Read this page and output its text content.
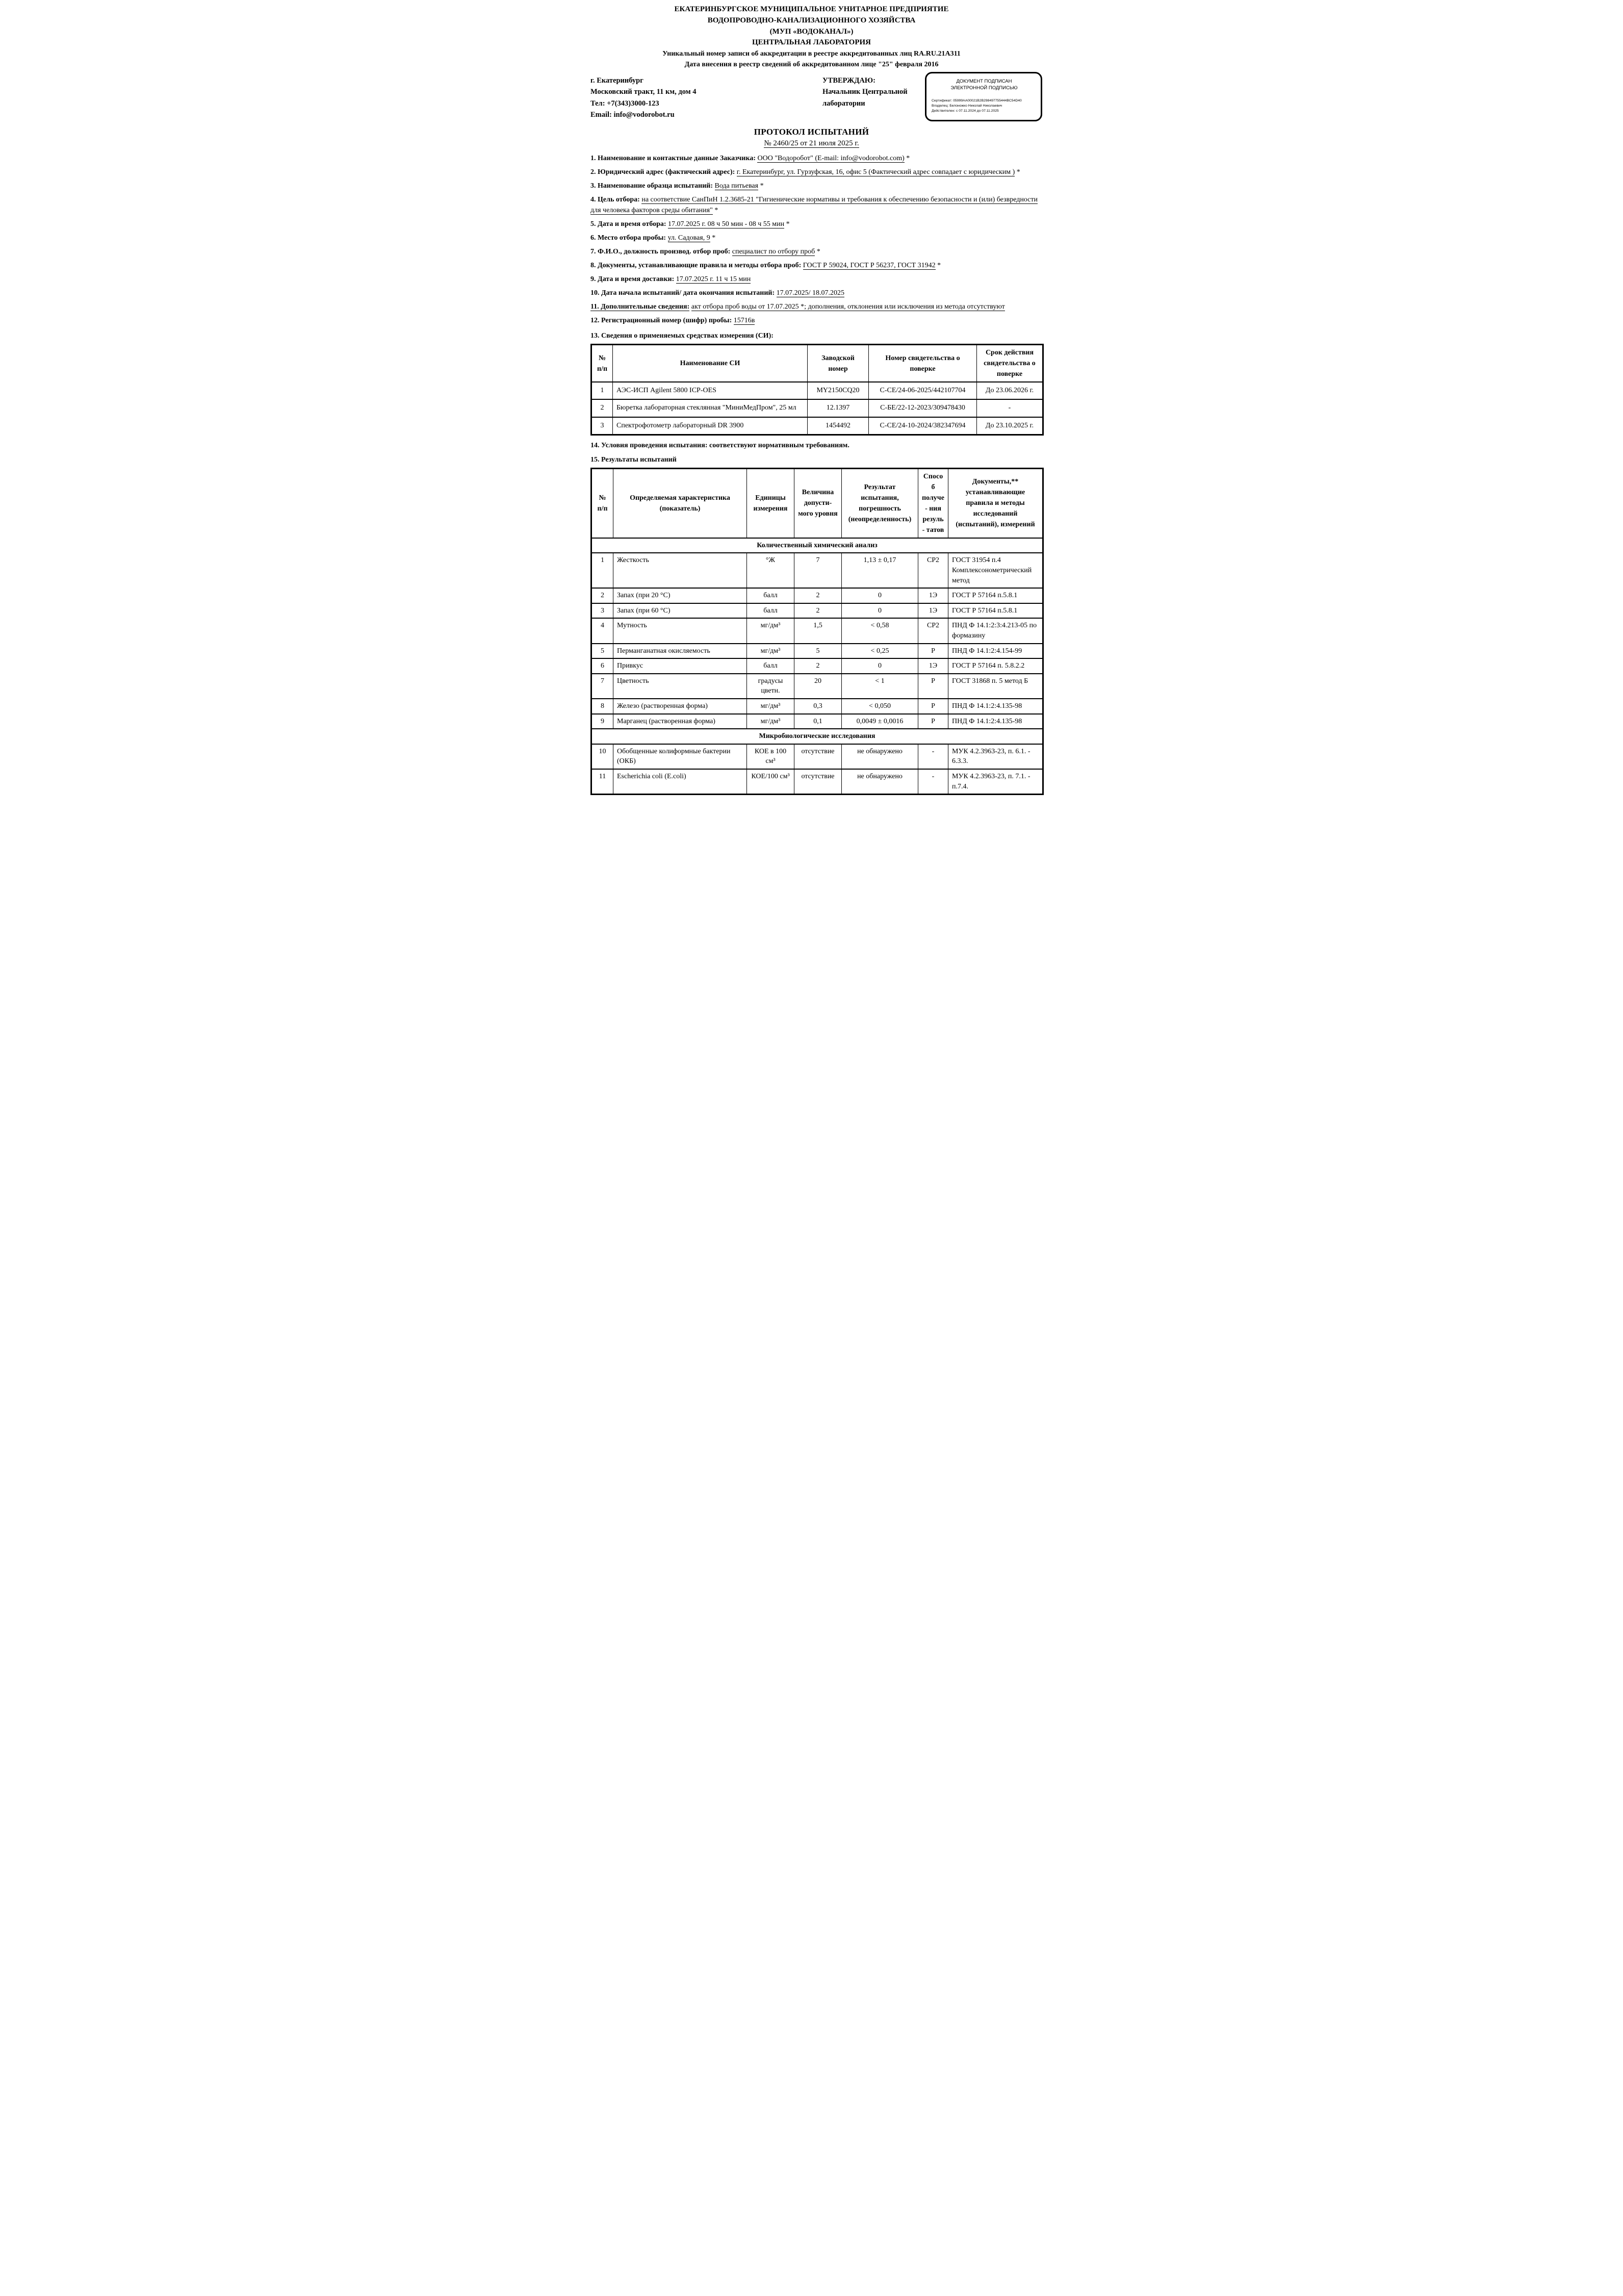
ЕКАТЕРИНБУРГСКОЕ МУНИЦИПАЛЬНОЕ УНИТАРНОЕ ПРЕДПРИЯТИЕ
ВОДОПРОВОДНО-КАНАЛИЗАЦИОННОГО ХОЗЯЙСТВА
(МУП «ВОДОКАНАЛ»)
ЦЕНТРАЛЬНАЯ ЛАБОРАТОРИЯ
Уникальный номер записи об аккредитации в реестре аккредитованных лиц RA.RU.21А311
Дата внесения в реестр сведений об аккредитованном лице "25" февраля 2016
г. Екатеринбург
Московский тракт, 11 км, дом 4
Тел: +7(343)3000-123
Email: info@vodorobot.ru
УТВЕРЖДАЮ:
Начальник Центральной
лаборатории
ДОКУМЕНТ ПОДПИСАН
ЭЛЕКТРОННОЙ ПОДПИСЬЮ
Сертификат: 05999AA00021B2B298497755444BC54D40
Владелец: Белоножко Николай Николаевич
Действителен: с 07.11.2024 до 07.11.2025
ПРОТОКОЛ ИСПЫТАНИЙ
№ 2460/25 от 21 июля 2025 г.
1. Наименование и контактные данные Заказчика: ООО "Водоробот" (E-mail: info@vodorobot.com) *
2. Юридический адрес (фактический адрес): г. Екатеринбург, ул. Гурзуфская, 16, офис 5 (Фактический адрес совпадает с юридическим ) *
3. Наименование образца испытаний: Вода питьевая *
4. Цель отбора: на соответствие СанПиН 1.2.3685-21 "Гигиенические нормативы и требования к обеспечению безопасности и (или) безвредности для человека факторов среды обитания" *
5. Дата и время отбора: 17.07.2025 г. 08 ч 50 мин - 08 ч 55 мин *
6. Место отбора пробы: ул. Садовая, 9 *
7. Ф.И.О., должность производ. отбор проб: специалист по отбору проб *
8. Документы, устанавливающие правила и методы отбора проб: ГОСТ Р 59024, ГОСТ Р 56237, ГОСТ 31942 *
9. Дата и время доставки: 17.07.2025 г. 11 ч 15 мин
10. Дата начала испытаний/ дата окончания испытаний: 17.07.2025/ 18.07.2025
11. Дополнительные сведения: акт отбора проб воды от 17.07.2025 *; дополнения, отклонения или исключения из метода отсутствуют
12. Регистрационный номер (шифр) пробы: 15716в
13. Сведения о применяемых средствах измерения (СИ):
№ п/п	Наименование СИ	Заводской номер	Номер свидетельства о поверке	Срок действия свидетельства о поверке
1	АЭС-ИСП Agilent 5800 ICP-OES	MY2150CQ20	С-СЕ/24-06-2025/442107704	До 23.06.2026 г.
2	Бюретка лабораторная стеклянная "МиниМедПром", 25 мл	12.1397	С-БЕ/22-12-2023/309478430	-
3	Спектрофотометр лабораторный DR 3900	1454492	С-СЕ/24-10-2024/382347694	До 23.10.2025 г.
14. Условия проведения испытания: соответствуют нормативным требованиям.
15. Результаты испытаний
№ п/п	Определяемая характеристика (показатель)	Единицы измерения	Величина допусти- мого уровня	Результат испытания, погрешность (неопределенность)	Способ получе- ния резуль- татов	Документы,** устанавливающие правила и методы исследований (испытаний), измерений
Количественный химический анализ						
1	Жесткость	°Ж	7	1,13 ± 0,17	СР2	ГОСТ 31954 п.4 Комплексонометрический метод
2	Запах (при 20 °С)	балл	2	0	1Э	ГОСТ Р 57164 п.5.8.1
3	Запах (при 60 °С)	балл	2	0	1Э	ГОСТ Р 57164 п.5.8.1
4	Мутность	мг/дм³	1,5	< 0,58	СР2	ПНД Ф 14.1:2:3:4.213-05 по формазину
5	Перманганатная окисляемость	мг/дм³	5	< 0,25	Р	ПНД Ф 14.1:2:4.154-99
6	Привкус	балл	2	0	1Э	ГОСТ Р 57164 п. 5.8.2.2
7	Цветность	градусы цветн.	20	< 1	Р	ГОСТ 31868 п. 5 метод Б
8	Железо (растворенная форма)	мг/дм³	0,3	< 0,050	Р	ПНД Ф 14.1:2:4.135-98
9	Марганец (растворенная форма)	мг/дм³	0,1	0,0049 ± 0,0016	Р	ПНД Ф 14.1:2:4.135-98
Микробиологические исследования						
10	Обобщенные колиформные бактерии (ОКБ)	КОЕ в 100 см³	отсутствие	не обнаружено	-	МУК 4.2.3963-23, п. 6.1. - 6.3.3.
11	Escherichia coli (E.coli)	КОЕ/100 см³	отсутствие	не обнаружено	-	МУК 4.2.3963-23, п. 7.1. - п.7.4.
